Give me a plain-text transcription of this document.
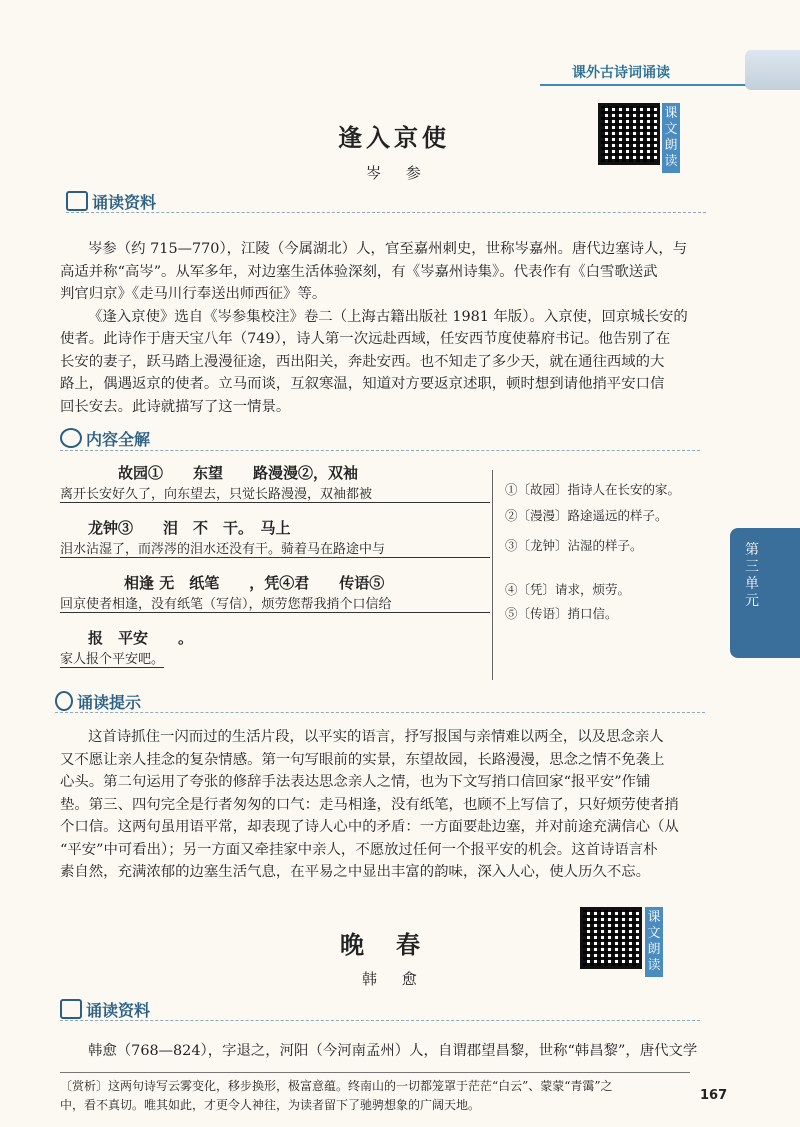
课外古诗词诵读
逢入京使
岑 参
课文朗读
诵读资料
岑参（约 715—770），江陵（今属湖北）人，官至嘉州刺史，世称岑嘉州。唐代边塞诗人，与
高适并称“高岑”。从军多年，对边塞生活体验深刻，有《岑嘉州诗集》。代表作有《白雪歌送武
判官归京》《走马川行奉送出师西征》等。
《逢入京使》选自《岑参集校注》卷二（上海古籍出版社 1981 年版）。入京使，回京城长安的
使者。此诗作于唐天宝八年（749），诗人第一次远赴西域，任安西节度使幕府书记。他告别了在
长安的妻子，跃马踏上漫漫征途，西出阳关，奔赴安西。也不知走了多少天，就在通往西域的大
路上，偶遇返京的使者。立马而谈，互叙寒温，知道对方要返京述职，顿时想到请他捎平安口信
回长安去。此诗就描写了这一情景。
内容全解
故园①　　东望　　路漫漫②，双袖
离开长安好久了，向东望去，只觉长路漫漫，双袖都被
龙钟③　　泪　不　干。　马上
泪水沾湿了，而涔涔的泪水还没有干。骑着马在路途中与
相逢 无　纸笔　　，凭④君　　传语⑤
回京使者相逢，没有纸笔（写信），烦劳您帮我捎个口信给
报　平安　　。
家人报个平安吧。
①〔故园〕指诗人在长安的家。
②〔漫漫〕路途遥远的样子。
③〔龙钟〕沾湿的样子。
④〔凭〕请求，烦劳。
⑤〔传语〕捎口信。
第三单元
诵读提示
这首诗抓住一闪而过的生活片段，以平实的语言，抒写报国与亲情难以两全，以及思念亲人
又不愿让亲人挂念的复杂情感。第一句写眼前的实景，东望故园，长路漫漫，思念之情不免袭上
心头。第二句运用了夸张的修辞手法表达思念亲人之情，也为下文写捎口信回家“报平安”作铺
垫。第三、四句完全是行者匆匆的口气：走马相逢，没有纸笔，也顾不上写信了，只好烦劳使者捎
个口信。这两句虽用语平常，却表现了诗人心中的矛盾：一方面要赴边塞，并对前途充满信心（从
“平安”中可看出）；另一方面又牵挂家中亲人，不愿放过任何一个报平安的机会。这首诗语言朴
素自然，充满浓郁的边塞生活气息，在平易之中显出丰富的韵味，深入人心，使人历久不忘。
晚　春
韩 愈
课文朗读
诵读资料
韩愈（768—824），字退之，河阳（今河南孟州）人，自谓郡望昌黎，世称“韩昌黎”，唐代文学
〔赏析〕这两句诗写云雾变化，移步换形，极富意蕴。终南山的一切都笼罩于茫茫“白云”、蒙蒙“青霭”之
中，看不真切。唯其如此，才更令人神往，为读者留下了驰骋想象的广阔天地。
167
